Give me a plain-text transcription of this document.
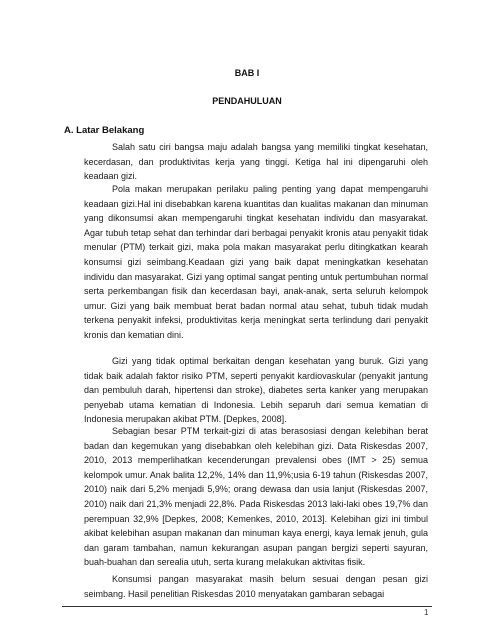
BAB I
PENDAHULUAN
A. Latar Belakang

Salah satu ciri bangsa maju adalah bangsa yang memiliki tingkat kesehatan, kecerdasan, dan produktivitas kerja yang tinggi. Ketiga hal ini dipengaruhi oleh keadaan gizi.

Pola makan merupakan perilaku paling penting yang dapat mempengaruhi keadaan gizi.Hal ini disebabkan karena kuantitas dan kualitas makanan dan minuman yang dikonsumsi akan mempengaruhi tingkat kesehatan individu dan masyarakat. Agar tubuh tetap sehat dan terhindar dari berbagai penyakit kronis atau penyakit tidak menular (PTM) terkait gizi, maka pola makan masyarakat perlu ditingkatkan kearah konsumsi gizi seimbang.Keadaan gizi yang baik dapat meningkatkan kesehatan individu dan masyarakat. Gizi yang optimal sangat penting untuk pertumbuhan normal serta perkembangan fisik dan kecerdasan bayi, anak-anak, serta seluruh kelompok umur. Gizi yang baik membuat berat badan normal atau sehat, tubuh tidak mudah terkena penyakit infeksi, produktivitas kerja meningkat serta terlindung dari penyakit kronis dan kematian dini.

Gizi yang tidak optimal berkaitan dengan kesehatan yang buruk. Gizi yang tidak baik adalah faktor risiko PTM, seperti penyakit kardiovaskular (penyakit jantung dan pembuluh darah, hipertensi dan stroke), diabetes serta kanker yang merupakan penyebab utama kematian di Indonesia. Lebih separuh dari semua kematian di Indonesia merupakan akibat PTM. [Depkes, 2008].

Sebagian besar PTM terkait-gizi di atas berasosiasi dengan kelebihan berat badan dan kegemukan yang disebabkan oleh kelebihan gizi. Data Riskesdas 2007, 2010, 2013 memperlihatkan kecenderungan prevalensi obes (IMT > 25) semua kelompok umur. Anak balita 12,2%, 14% dan 11,9%;usia 6-19 tahun (Riskesdas 2007, 2010) naik dari 5,2% menjadi 5,9%; orang dewasa dan usia lanjut (Riskesdas 2007, 2010) naik dari 21,3% menjadi 22,8%. Pada Riskesdas 2013 laki-laki obes 19,7% dan perempuan 32,9% [Depkes, 2008; Kemenkes, 2010, 2013]. Kelebihan gizi ini timbul akibat kelebihan asupan makanan dan minuman kaya energi, kaya lemak jenuh, gula dan garam tambahan, namun kekurangan asupan pangan bergizi seperti sayuran, buah-buahan dan serealia utuh, serta kurang melakukan aktivitas fisik.

Konsumsi pangan masyarakat masih belum sesuai dengan pesan gizi seimbang. Hasil penelitian Riskesdas 2010 menyatakan gambaran sebagai

1
